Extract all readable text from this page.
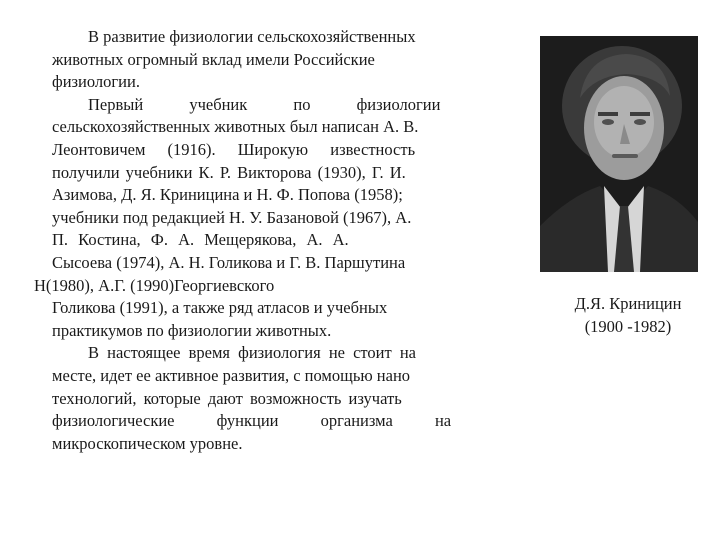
В развитие физиологии сельскохозяйственных
животных огромный вклад имели Российские
физиологии.
Первый учебник по физиологии
сельскохозяйственных животных был написан А. В.
Леонтовичем (1916). Широкую известность
получили учебники К. Р. Викторова (1930), Г. И.
Азимова, Д. Я. Криницина и Н. Ф. Попова (1958);
учебники под редакцией Н. У. Базановой (1967), А.
П. Костина, Ф. А. Мещерякова, А. А.
Сысоева (1974), А. Н. Голикова и Г. В. Паршутина
Н(1980), А.Г. (1990)Георгиевского
Голикова (1991), а также ряд атласов и учебных
практикумов по физиологии животных.
В настоящее время физиология не стоит на
месте, идет ее активное развития, с помощью нано
технологий, которые дают возможность изучать
физиологические функции организма на
микроскопическом уровне.
Д.Я. Криницин
(1900 -1982)
